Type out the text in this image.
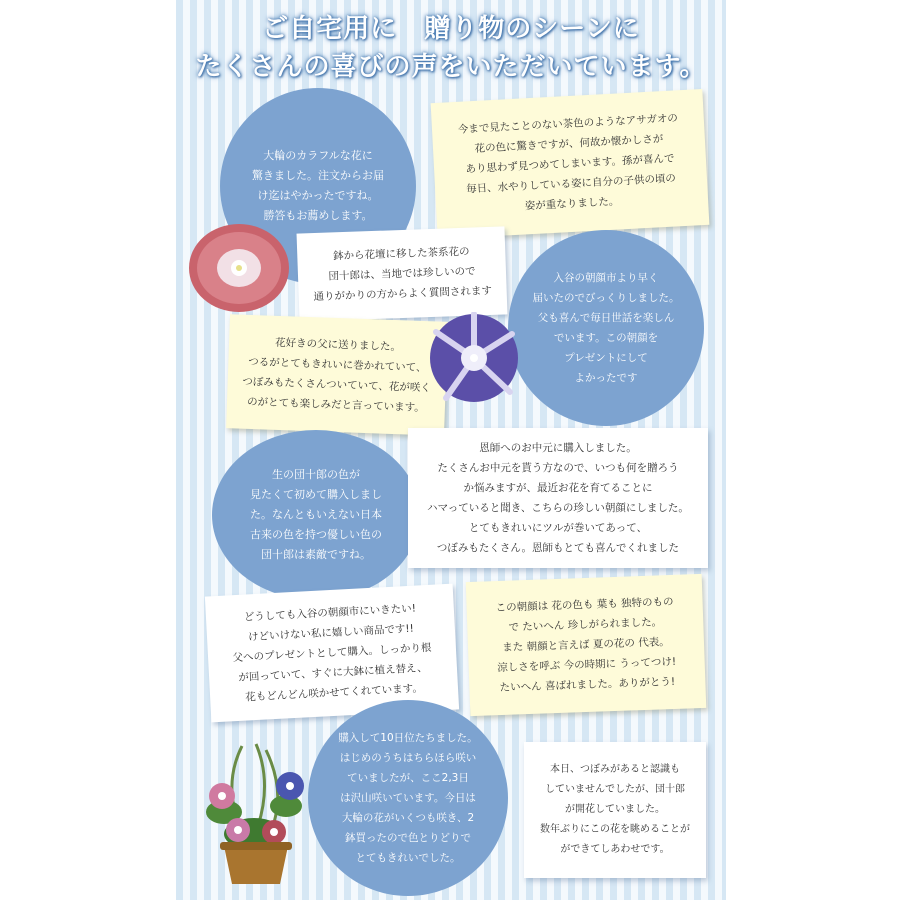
ご自宅用に　贈り物のシーンに
たくさんの喜びの声をいただいています。
大輪のカラフルな花に
驚きました。注文からお届
け迄はやかったですね。
勝答もお薦めします。
今まで見たことのない茶色のようなアサガオの
花の色に驚きですが、何故か懐かしさが
あり思わず見つめてしまいます。孫が喜んで
毎日、水やりしている姿に自分の子供の頃の
姿が重なりました。
鉢から花壇に移した茶系花の
団十郎は、当地では珍しいので
通りがかりの方からよく質問されます
入谷の朝顔市より早く
届いたのでびっくりしました。
父も喜んで毎日世話を楽しん
でいます。この朝顔を
プレゼントにして
よかったです
花好きの父に送りました。
つるがとてもきれいに巻かれていて、
つぼみもたくさんついていて、花が咲く
のがとても楽しみだと言っています。
生の団十郎の色が
見たくて初めて購入しまし
た。なんともいえない日本
古来の色を持つ優しい色の
団十郎は素敵ですね。
恩師へのお中元に購入しました。
たくさんお中元を貰う方なので、いつも何を贈ろう
か悩みますが、最近お花を育てることに
ハマっていると聞き、こちらの珍しい朝顔にしました。
とてもきれいにツルが巻いてあって、
つぼみもたくさん。恩師もとても喜んでくれました
どうしても入谷の朝顔市にいきたい!
けどいけない私に嬉しい商品です!!
父へのプレゼントとして購入。しっかり根
が回っていて、すぐに大鉢に植え替え、
花もどんどん咲かせてくれています。
この朝顔は 花の色も 葉も 独特のもの
で たいへん 珍しがられました。
また 朝顔と言えば 夏の花の 代表。
涼しさを呼ぶ 今の時期に うってつけ!
たいへん 喜ばれました。ありがとう!
購入して10日位たちました。
はじめのうちはちらほら咲い
ていましたが、ここ2,3日
は沢山咲いています。今日は
大輪の花がいくつも咲き、2
鉢買ったので色とりどりで
とてもきれいでした。
本日、つぼみがあると認識も
していませんでしたが、団十郎
が開花していました。
数年ぶりにこの花を眺めることが
ができてしあわせです。
